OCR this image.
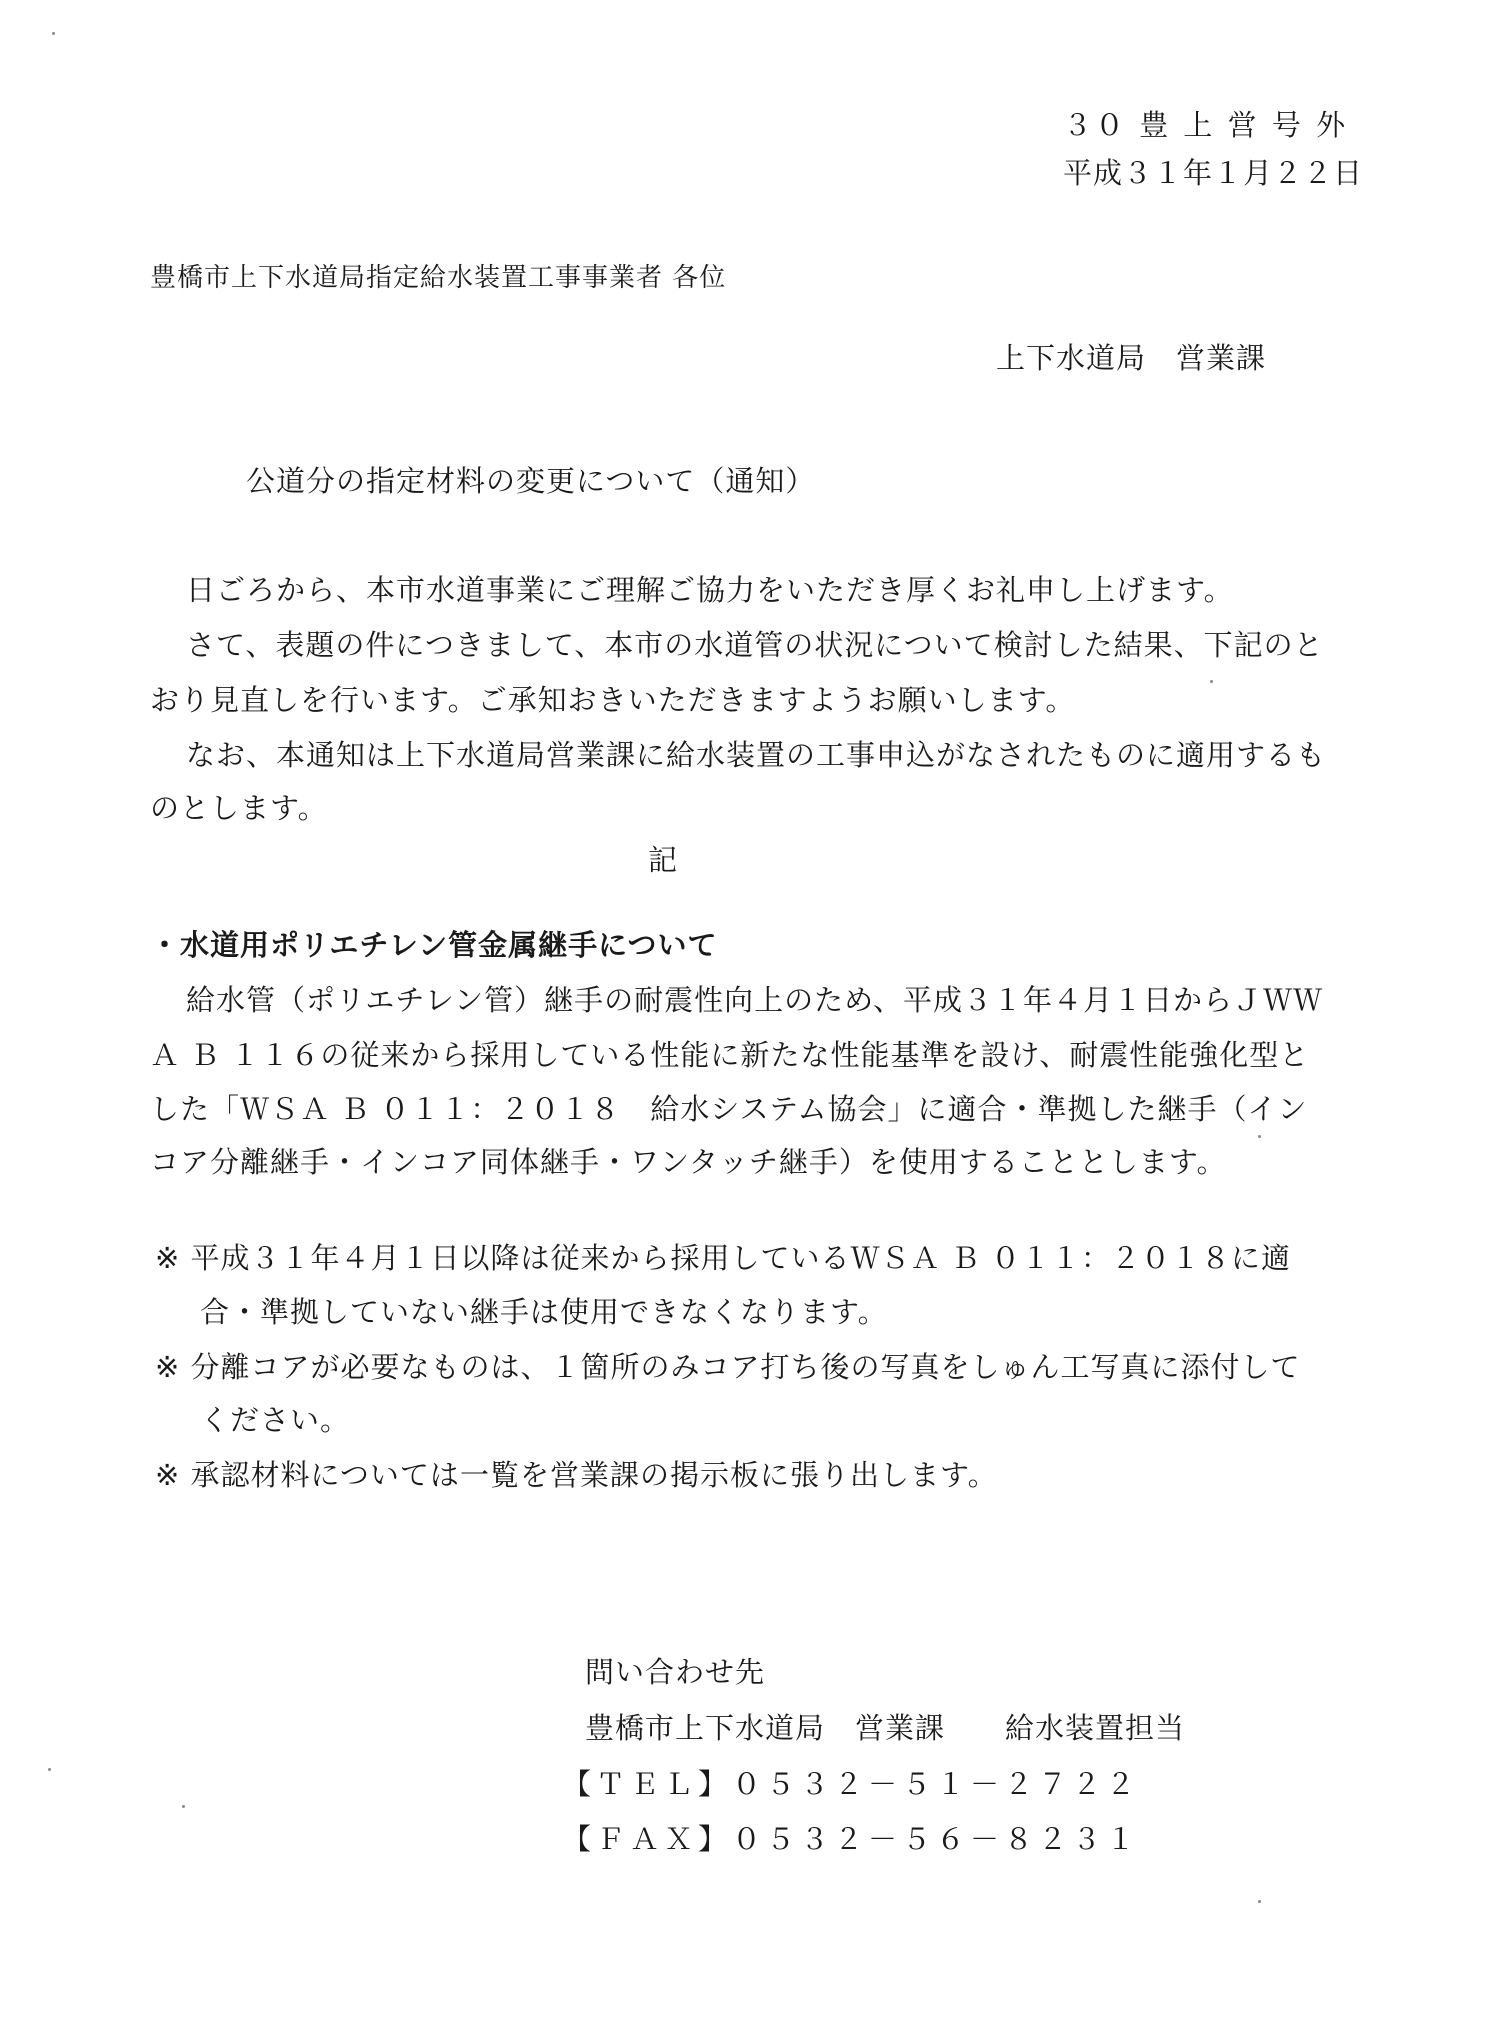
３０ 豊 上 営 号 外
平成３１年１月２２日
豊橋市上下水道局指定給水装置工事事業者 各位
上下水道局　営業課
公道分の指定材料の変更について（通知）
日ごろから、本市水道事業にご理解ご協力をいただき厚くお礼申し上げます。
さて、表題の件につきまして、本市の水道管の状況について検討した結果、下記のと
おり見直しを行います。ご承知おきいただきますようお願いします。
なお、本通知は上下水道局営業課に給水装置の工事申込がなされたものに適用するも
のとします。
記
・水道用ポリエチレン管金属継手について
給水管（ポリエチレン管）継手の耐震性向上のため、平成３１年４月１日からＪＷＷ
Ａ Ｂ １１６の従来から採用している性能に新たな性能基準を設け、耐震性能強化型と
した「ＷＳＡ Ｂ ０１１：２０１８　給水システム協会」に適合・準拠した継手（イン
コア分離継手・インコア同体継手・ワンタッチ継手）を使用することとします。
※ 平成３１年４月１日以降は従来から採用しているＷＳＡ Ｂ ０１１：２０１８に適
合・準拠していない継手は使用できなくなります。
※ 分離コアが必要なものは、１箇所のみコア打ち後の写真をしゅん工写真に添付して
ください。
※ 承認材料については一覧を営業課の掲示板に張り出します。
問い合わせ先
豊橋市上下水道局　営業課　　給水装置担当
【ＴＥＬ】０５３２－５１－２７２２
【ＦＡＸ】０５３２－５６－８２３１
